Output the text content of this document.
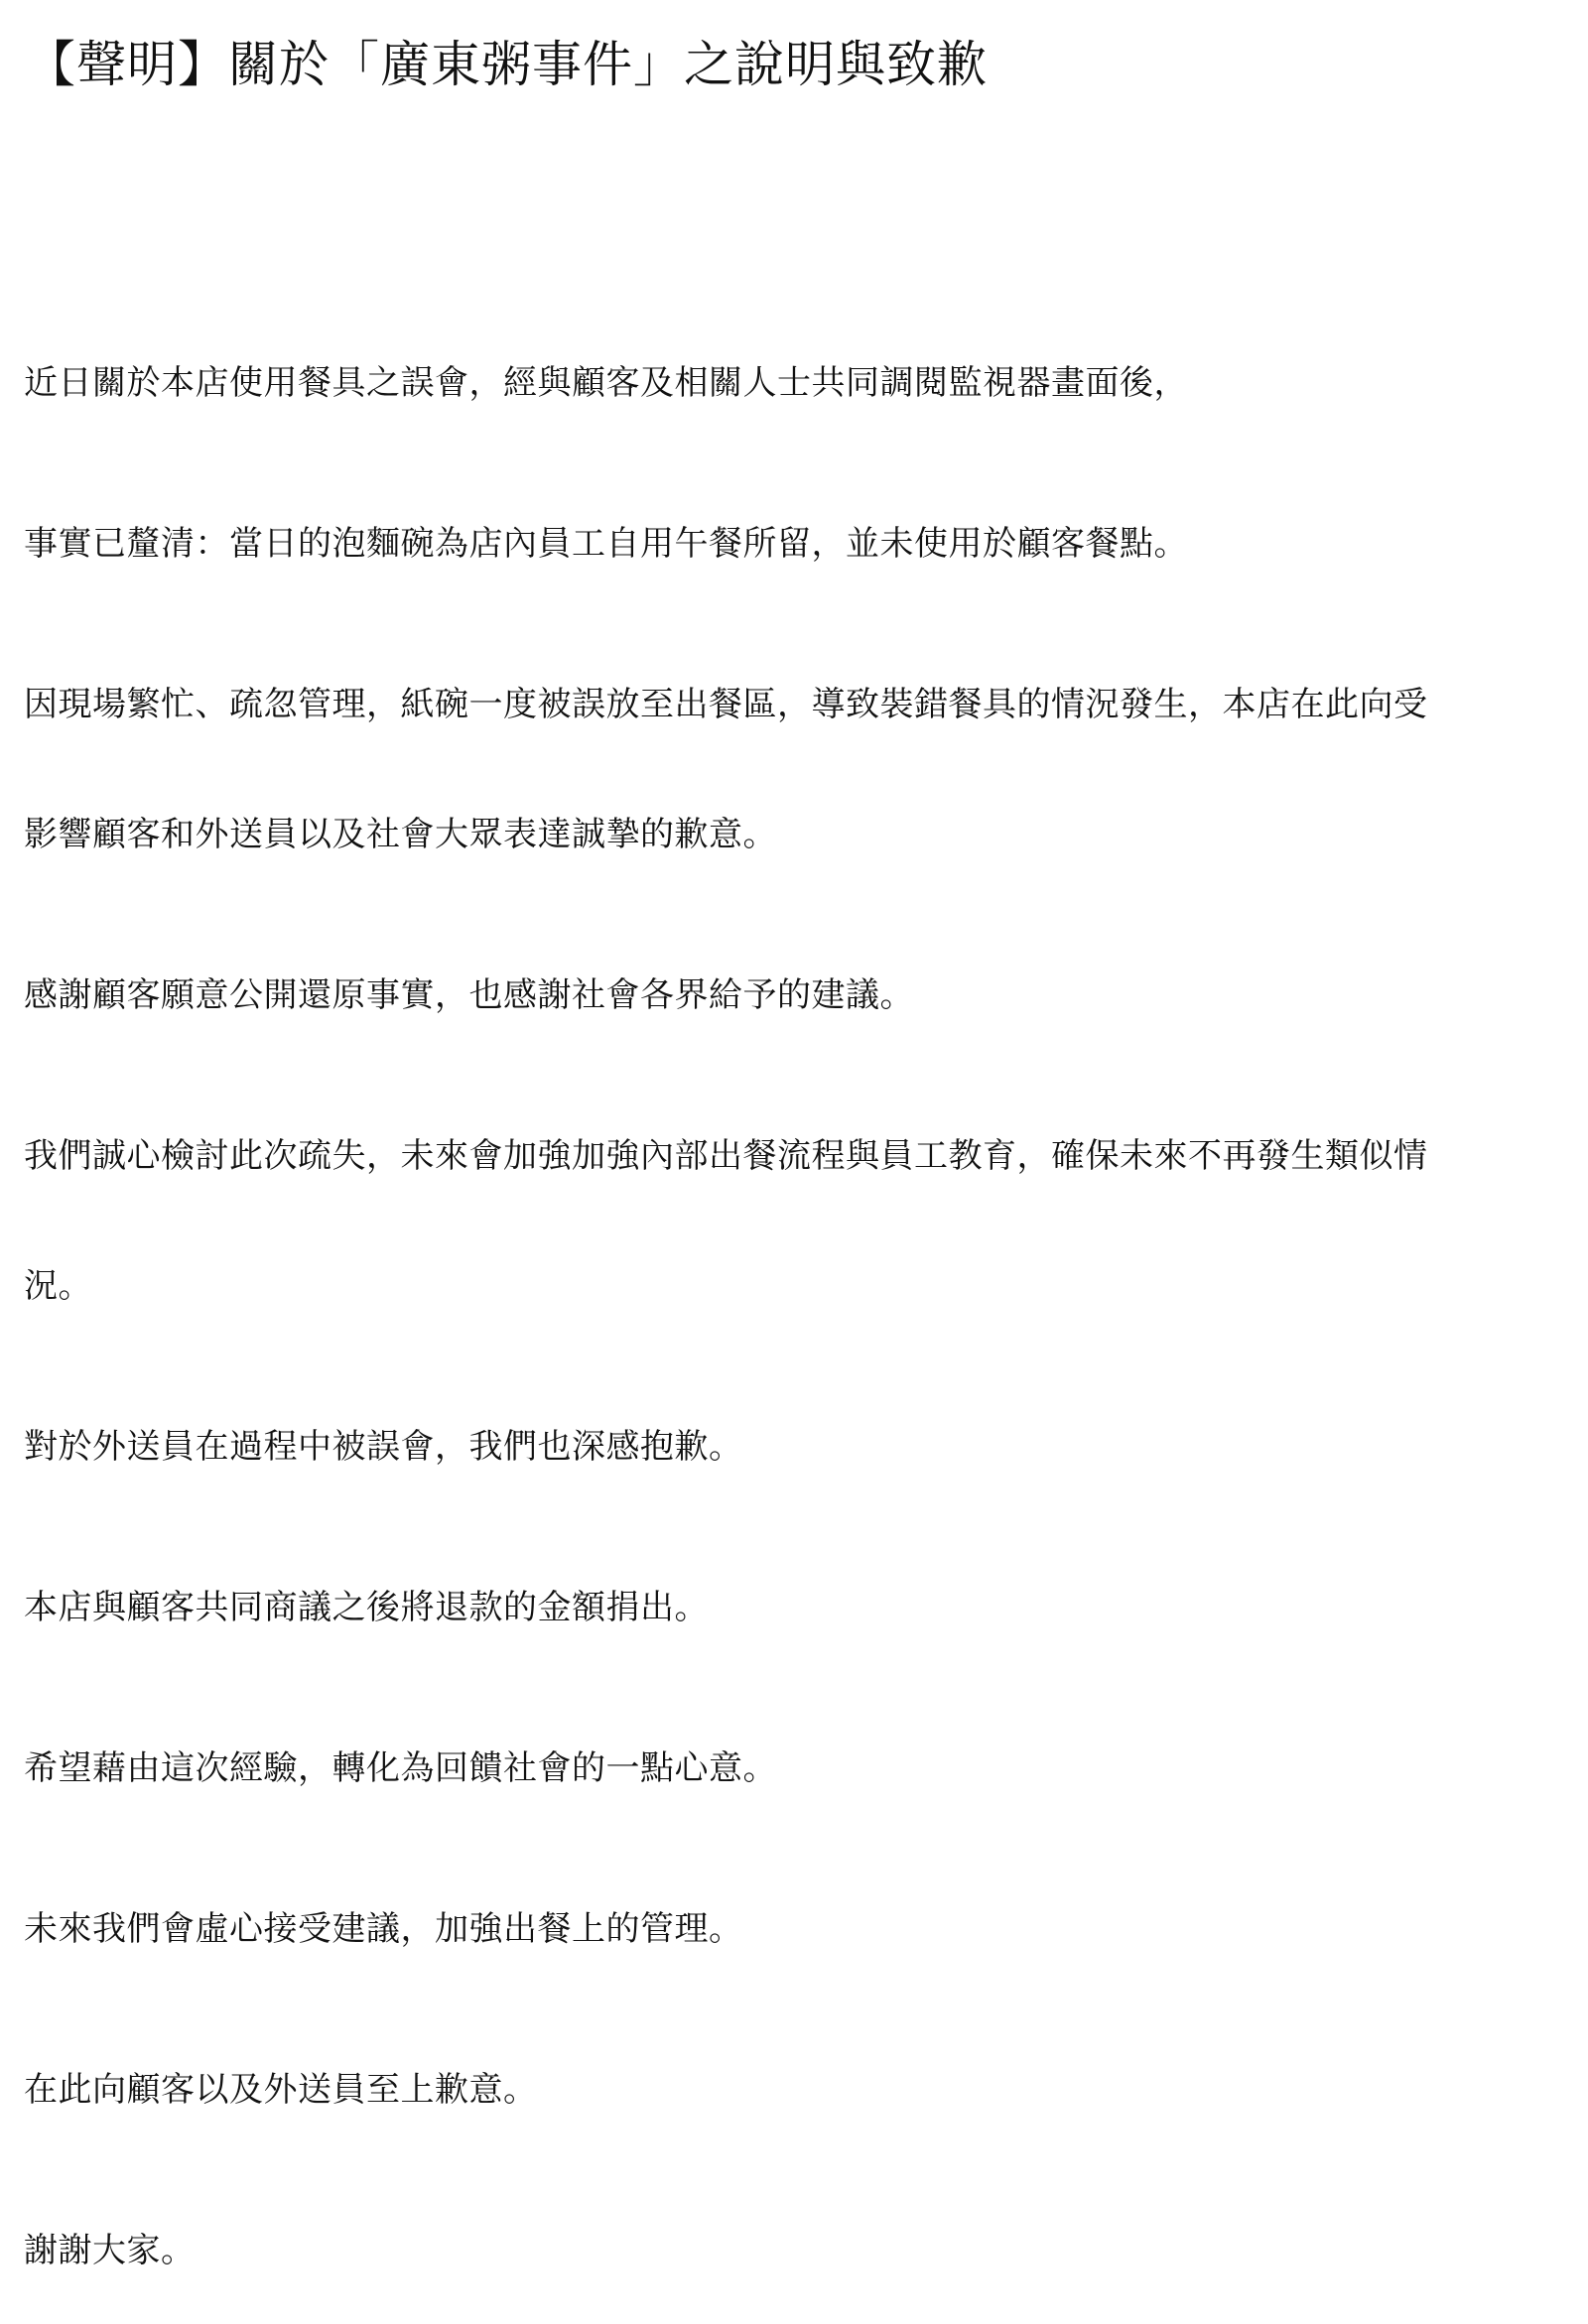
【聲明】關於「廣東粥事件」之說明與致歉

近日關於本店使用餐具之誤會，經與顧客及相關人士共同調閱監視器畫面後，

事實已釐清：當日的泡麵碗為店內員工自用午餐所留，並未使用於顧客餐點。

因現場繁忙、疏忽管理，紙碗一度被誤放至出餐區，導致裝錯餐具的情況發生，本店在此向受

影響顧客和外送員以及社會大眾表達誠摯的歉意。

感謝顧客願意公開還原事實，也感謝社會各界給予的建議。

我們誠心檢討此次疏失，未來會加強加強內部出餐流程與員工教育，確保未來不再發生類似情

況。

對於外送員在過程中被誤會，我們也深感抱歉。

本店與顧客共同商議之後將退款的金額捐出。

希望藉由這次經驗，轉化為回饋社會的一點心意。

未來我們會虛心接受建議，加強出餐上的管理。

在此向顧客以及外送員至上歉意。

謝謝大家。
